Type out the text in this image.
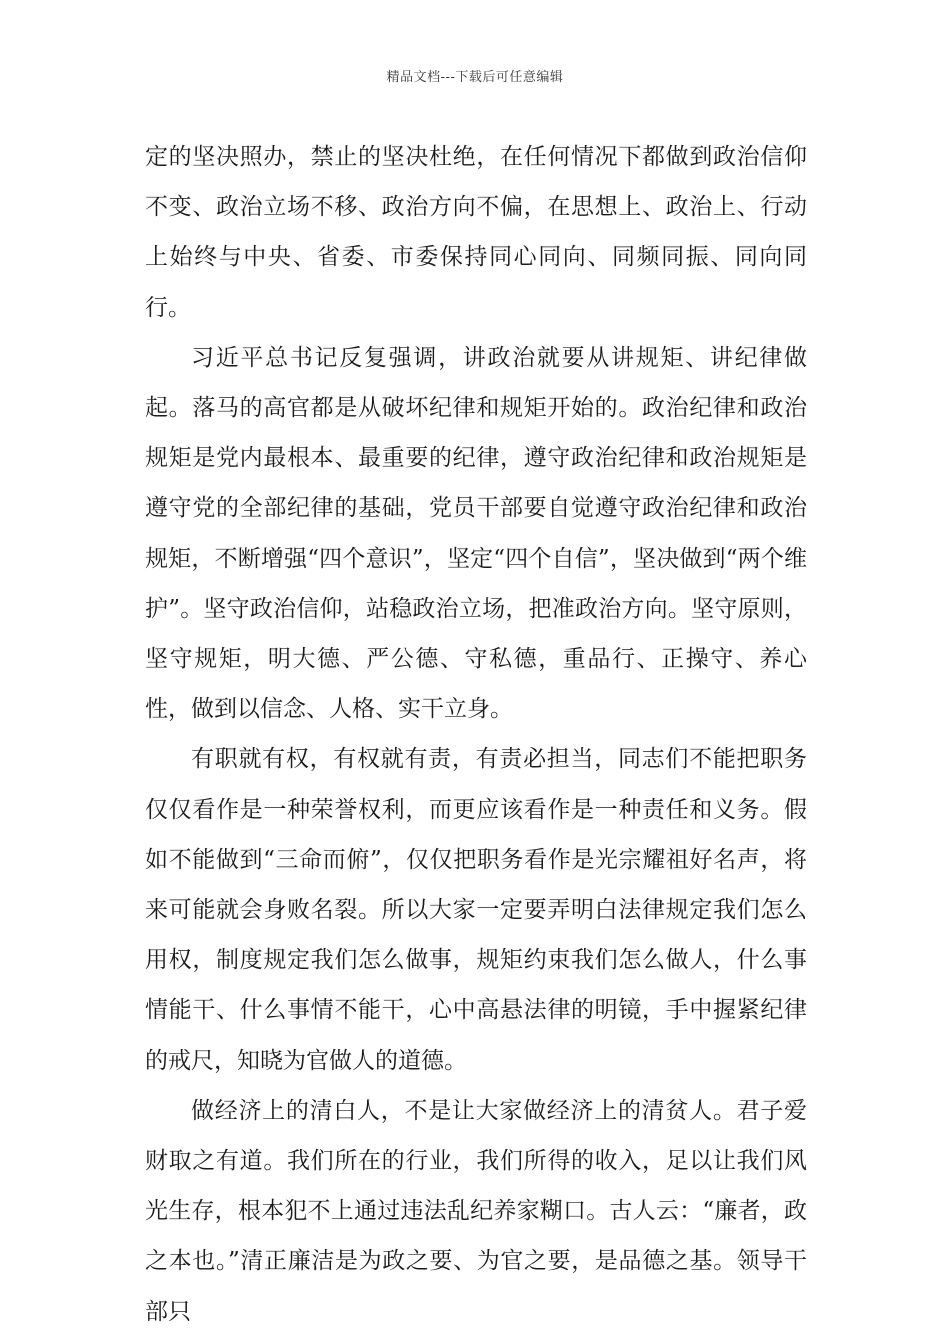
精品文档---下载后可任意编辑

定的坚决照办，禁止的坚决杜绝，在任何情况下都做到政治信仰不变、政治立场不移、政治方向不偏，在思想上、政治上、行动上始终与中央、省委、市委保持同心同向、同频同振、同向同行。

习近平总书记反复强调，讲政治就要从讲规矩、讲纪律做起。落马的高官都是从破坏纪律和规矩开始的。政治纪律和政治规矩是党内最根本、最重要的纪律，遵守政治纪律和政治规矩是遵守党的全部纪律的基础，党员干部要自觉遵守政治纪律和政治规矩，不断增强“四个意识”，坚定“四个自信”，坚决做到“两个维护”。坚守政治信仰，站稳政治立场，把准政治方向。坚守原则，坚守规矩，明大德、严公德、守私德，重品行、正操守、养心性，做到以信念、人格、实干立身。

有职就有权，有权就有责，有责必担当，同志们不能把职务仅仅看作是一种荣誉权利，而更应该看作是一种责任和义务。假如不能做到“三命而俯”，仅仅把职务看作是光宗耀祖好名声，将来可能就会身败名裂。所以大家一定要弄明白法律规定我们怎么用权，制度规定我们怎么做事，规矩约束我们怎么做人，什么事情能干、什么事情不能干，心中高悬法律的明镜，手中握紧纪律的戒尺，知晓为官做人的道德。

做经济上的清白人，不是让大家做经济上的清贫人。君子爱财取之有道。我们所在的行业，我们所得的收入，足以让我们风光生存，根本犯不上通过违法乱纪养家糊口。古人云：“廉者，政之本也。”清正廉洁是为政之要、为官之要，是品德之基。领导干部只
